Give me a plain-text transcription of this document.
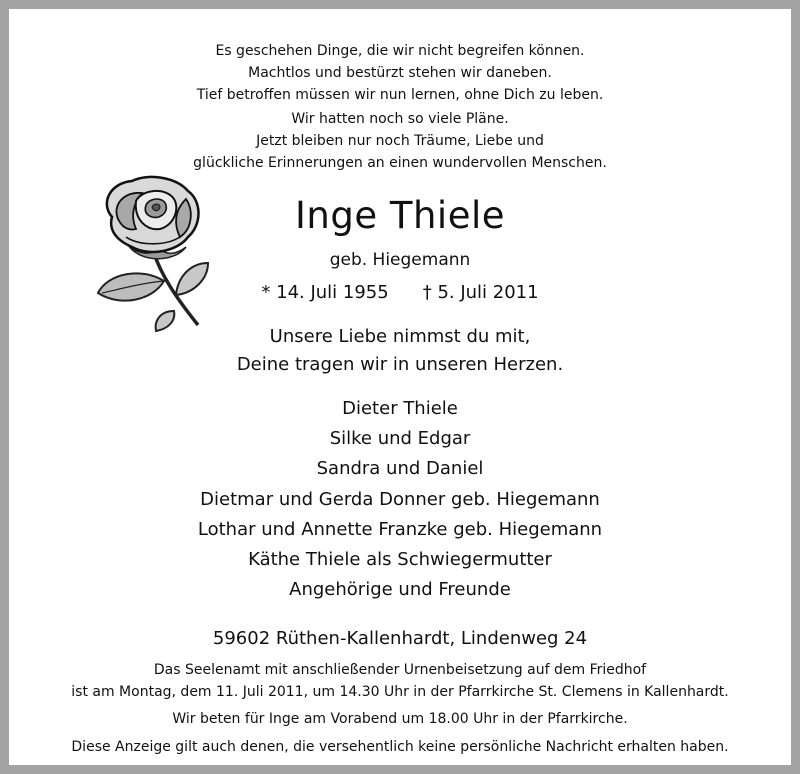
Es geschehen Dinge, die wir nicht begreifen können.
Machtlos und bestürzt stehen wir daneben.
Tief betroffen müssen wir nun lernen, ohne Dich zu leben.
Wir hatten noch so viele Pläne.
Jetzt bleiben nur noch Träume, Liebe und
glückliche Erinnerungen an einen wundervollen Menschen.
Inge Thiele
geb. Hiegemann
* 14. Juli 1955 † 5. Juli 2011
Unsere Liebe nimmst du mit,
Deine tragen wir in unseren Herzen.
Dieter Thiele
Silke und Edgar
Sandra und Daniel
Dietmar und Gerda Donner geb. Hiegemann
Lothar und Annette Franzke geb. Hiegemann
Käthe Thiele als Schwiegermutter
Angehörige und Freunde
59602 Rüthen-Kallenhardt, Lindenweg 24
Das Seelenamt mit anschließender Urnenbeisetzung auf dem Friedhof
ist am Montag, dem 11. Juli 2011, um 14.30 Uhr in der Pfarrkirche St. Clemens in Kallenhardt.
Wir beten für Inge am Vorabend um 18.00 Uhr in der Pfarrkirche.
Diese Anzeige gilt auch denen, die versehentlich keine persönliche Nachricht erhalten haben.
